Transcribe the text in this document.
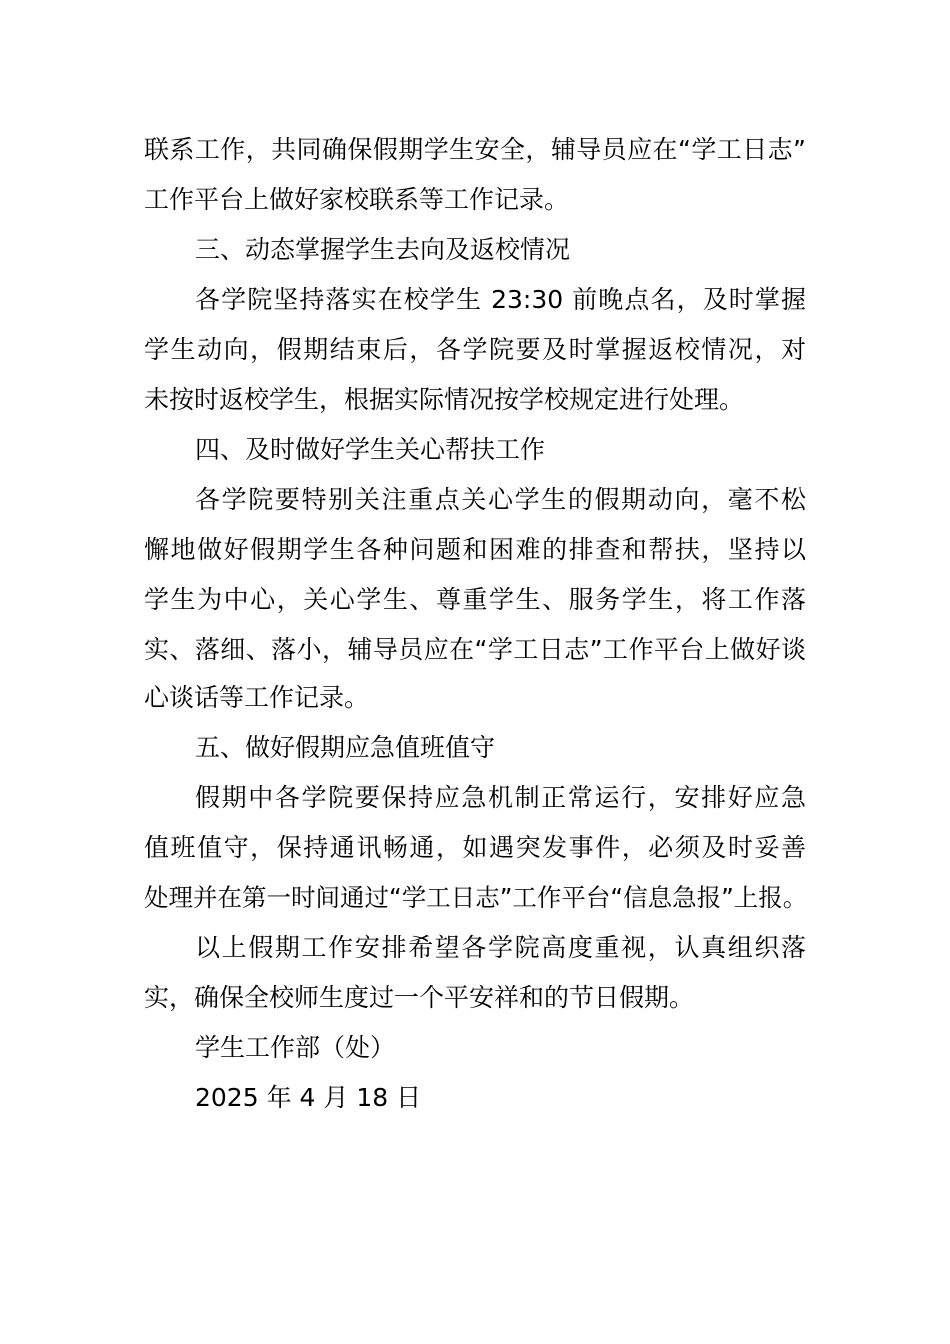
联系工作，共同确保假期学生安全，辅导员应在“学工日志”
工作平台上做好家校联系等工作记录。
三、动态掌握学生去向及返校情况
各学院坚持落实在校学生 23:30 前晚点名，及时掌握
学生动向，假期结束后，各学院要及时掌握返校情况，对
未按时返校学生，根据实际情况按学校规定进行处理。
四、及时做好学生关心帮扶工作
各学院要特别关注重点关心学生的假期动向，毫不松
懈地做好假期学生各种问题和困难的排查和帮扶，坚持以
学生为中心，关心学生、尊重学生、服务学生，将工作落
实、落细、落小，辅导员应在“学工日志”工作平台上做好谈
心谈话等工作记录。
五、做好假期应急值班值守
假期中各学院要保持应急机制正常运行，安排好应急
值班值守，保持通讯畅通，如遇突发事件，必须及时妥善
处理并在第一时间通过“学工日志”工作平台“信息急报”上报。
以上假期工作安排希望各学院高度重视，认真组织落
实，确保全校师生度过一个平安祥和的节日假期。
学生工作部（处）
2025 年 4 月 18 日
